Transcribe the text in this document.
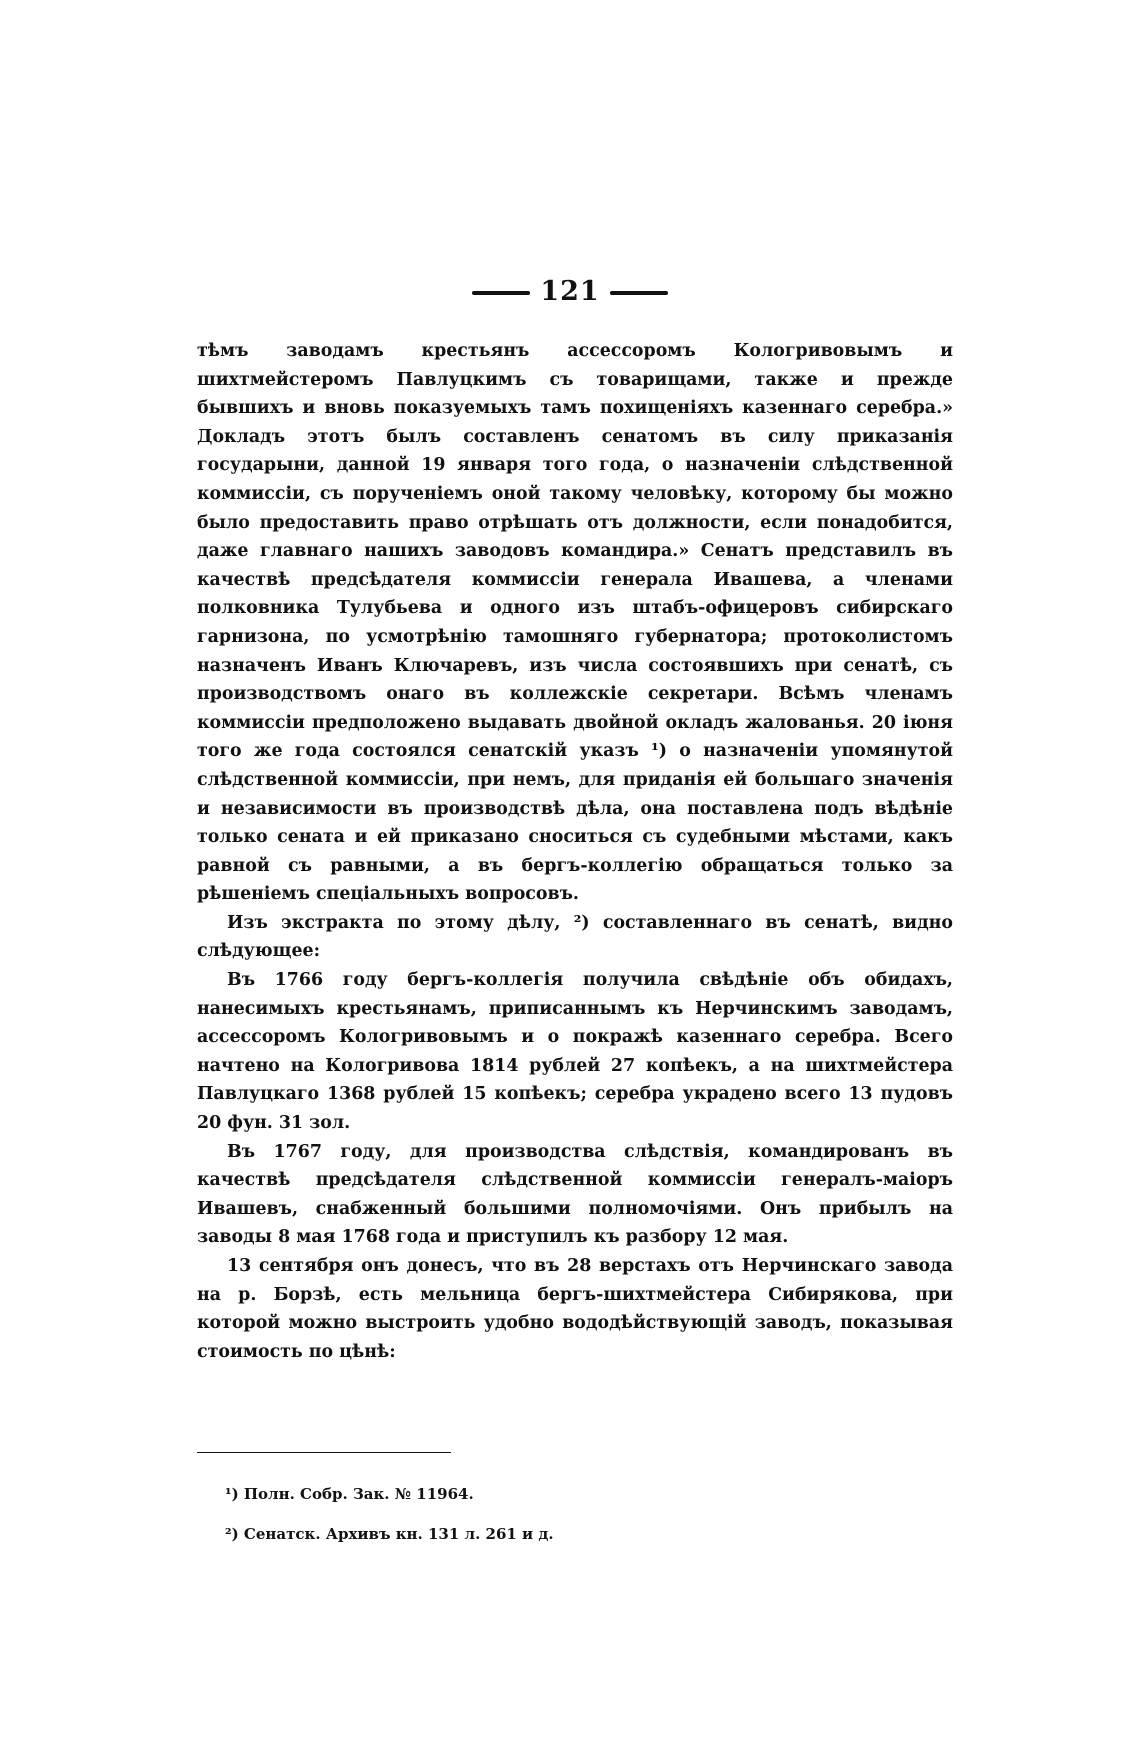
121

тѣмъ заводамъ крестьянъ ассессоромъ Кологривовымъ и шихтмейстеромъ Павлуцкимъ съ товарищами, также и прежде бывшихъ и вновь показуемыхъ тамъ похищеніяхъ казеннаго серебра.» Докладъ этотъ былъ составленъ сенатомъ въ силу приказанія государыни, данной 19 января того года, о назначеніи слѣдственной коммиссіи, съ порученіемъ оной такому человѣку, которому бы можно было предоставить право отрѣшать отъ должности, если понадобится, даже главнаго нашихъ заводовъ командира.» Сенатъ представилъ въ качествѣ предсѣдателя коммиссіи генерала Ивашева, а членами полковника Тулубьева и одного изъ штабъ-офицеровъ сибирскаго гарнизона, по усмотрѣнію тамошняго губернатора; протоколистомъ назначенъ Иванъ Ключаревъ, изъ числа состоявшихъ при сенатѣ, съ производствомъ онаго въ коллежскіе секретари. Всѣмъ членамъ коммиссіи предположено выдавать двойной окладъ жалованья. 20 іюня того же года состоялся сенатскій указъ ¹) о назначеніи упомянутой слѣдственной коммиссіи, при немъ, для приданія ей большаго значенія и независимости въ производствѣ дѣла, она поставлена подъ вѣдѣніе только сената и ей приказано сноситься съ судебными мѣстами, какъ равной съ равными, а въ бергъ-коллегію обращаться только за рѣшеніемъ спеціальныхъ вопросовъ.

Изъ экстракта по этому дѣлу, ²) составленнаго въ сенатѣ, видно слѣдующее:

Въ 1766 году бергъ-коллегія получила свѣдѣніе объ обидахъ, нанесимыхъ крестьянамъ, приписаннымъ къ Нерчинскимъ заводамъ, ассессоромъ Кологривовымъ и о покражѣ казеннаго серебра. Всего начтено на Кологривова 1814 рублей 27 копѣекъ, а на шихтмейстера Павлуцкаго 1368 рублей 15 копѣекъ; серебра украдено всего 13 пудовъ 20 фун. 31 зол.

Въ 1767 году, для производства слѣдствія, командированъ въ качествѣ предсѣдателя слѣдственной коммиссіи генералъ-маіоръ Ивашевъ, снабженный большими полномочіями. Онъ прибылъ на заводы 8 мая 1768 года и приступилъ къ разбору 12 мая.

13 сентября онъ донесъ, что въ 28 верстахъ отъ Нерчинскаго завода на р. Борзѣ, есть мельница бергъ-шихтмейстера Сибирякова, при которой можно выстроить удобно вододѣйствующій заводъ, показывая стоимость по цѣнѣ:

¹) Полн. Собр. Зак. № 11964.
²) Сенатск. Архивъ кн. 131 л. 261 и д.
